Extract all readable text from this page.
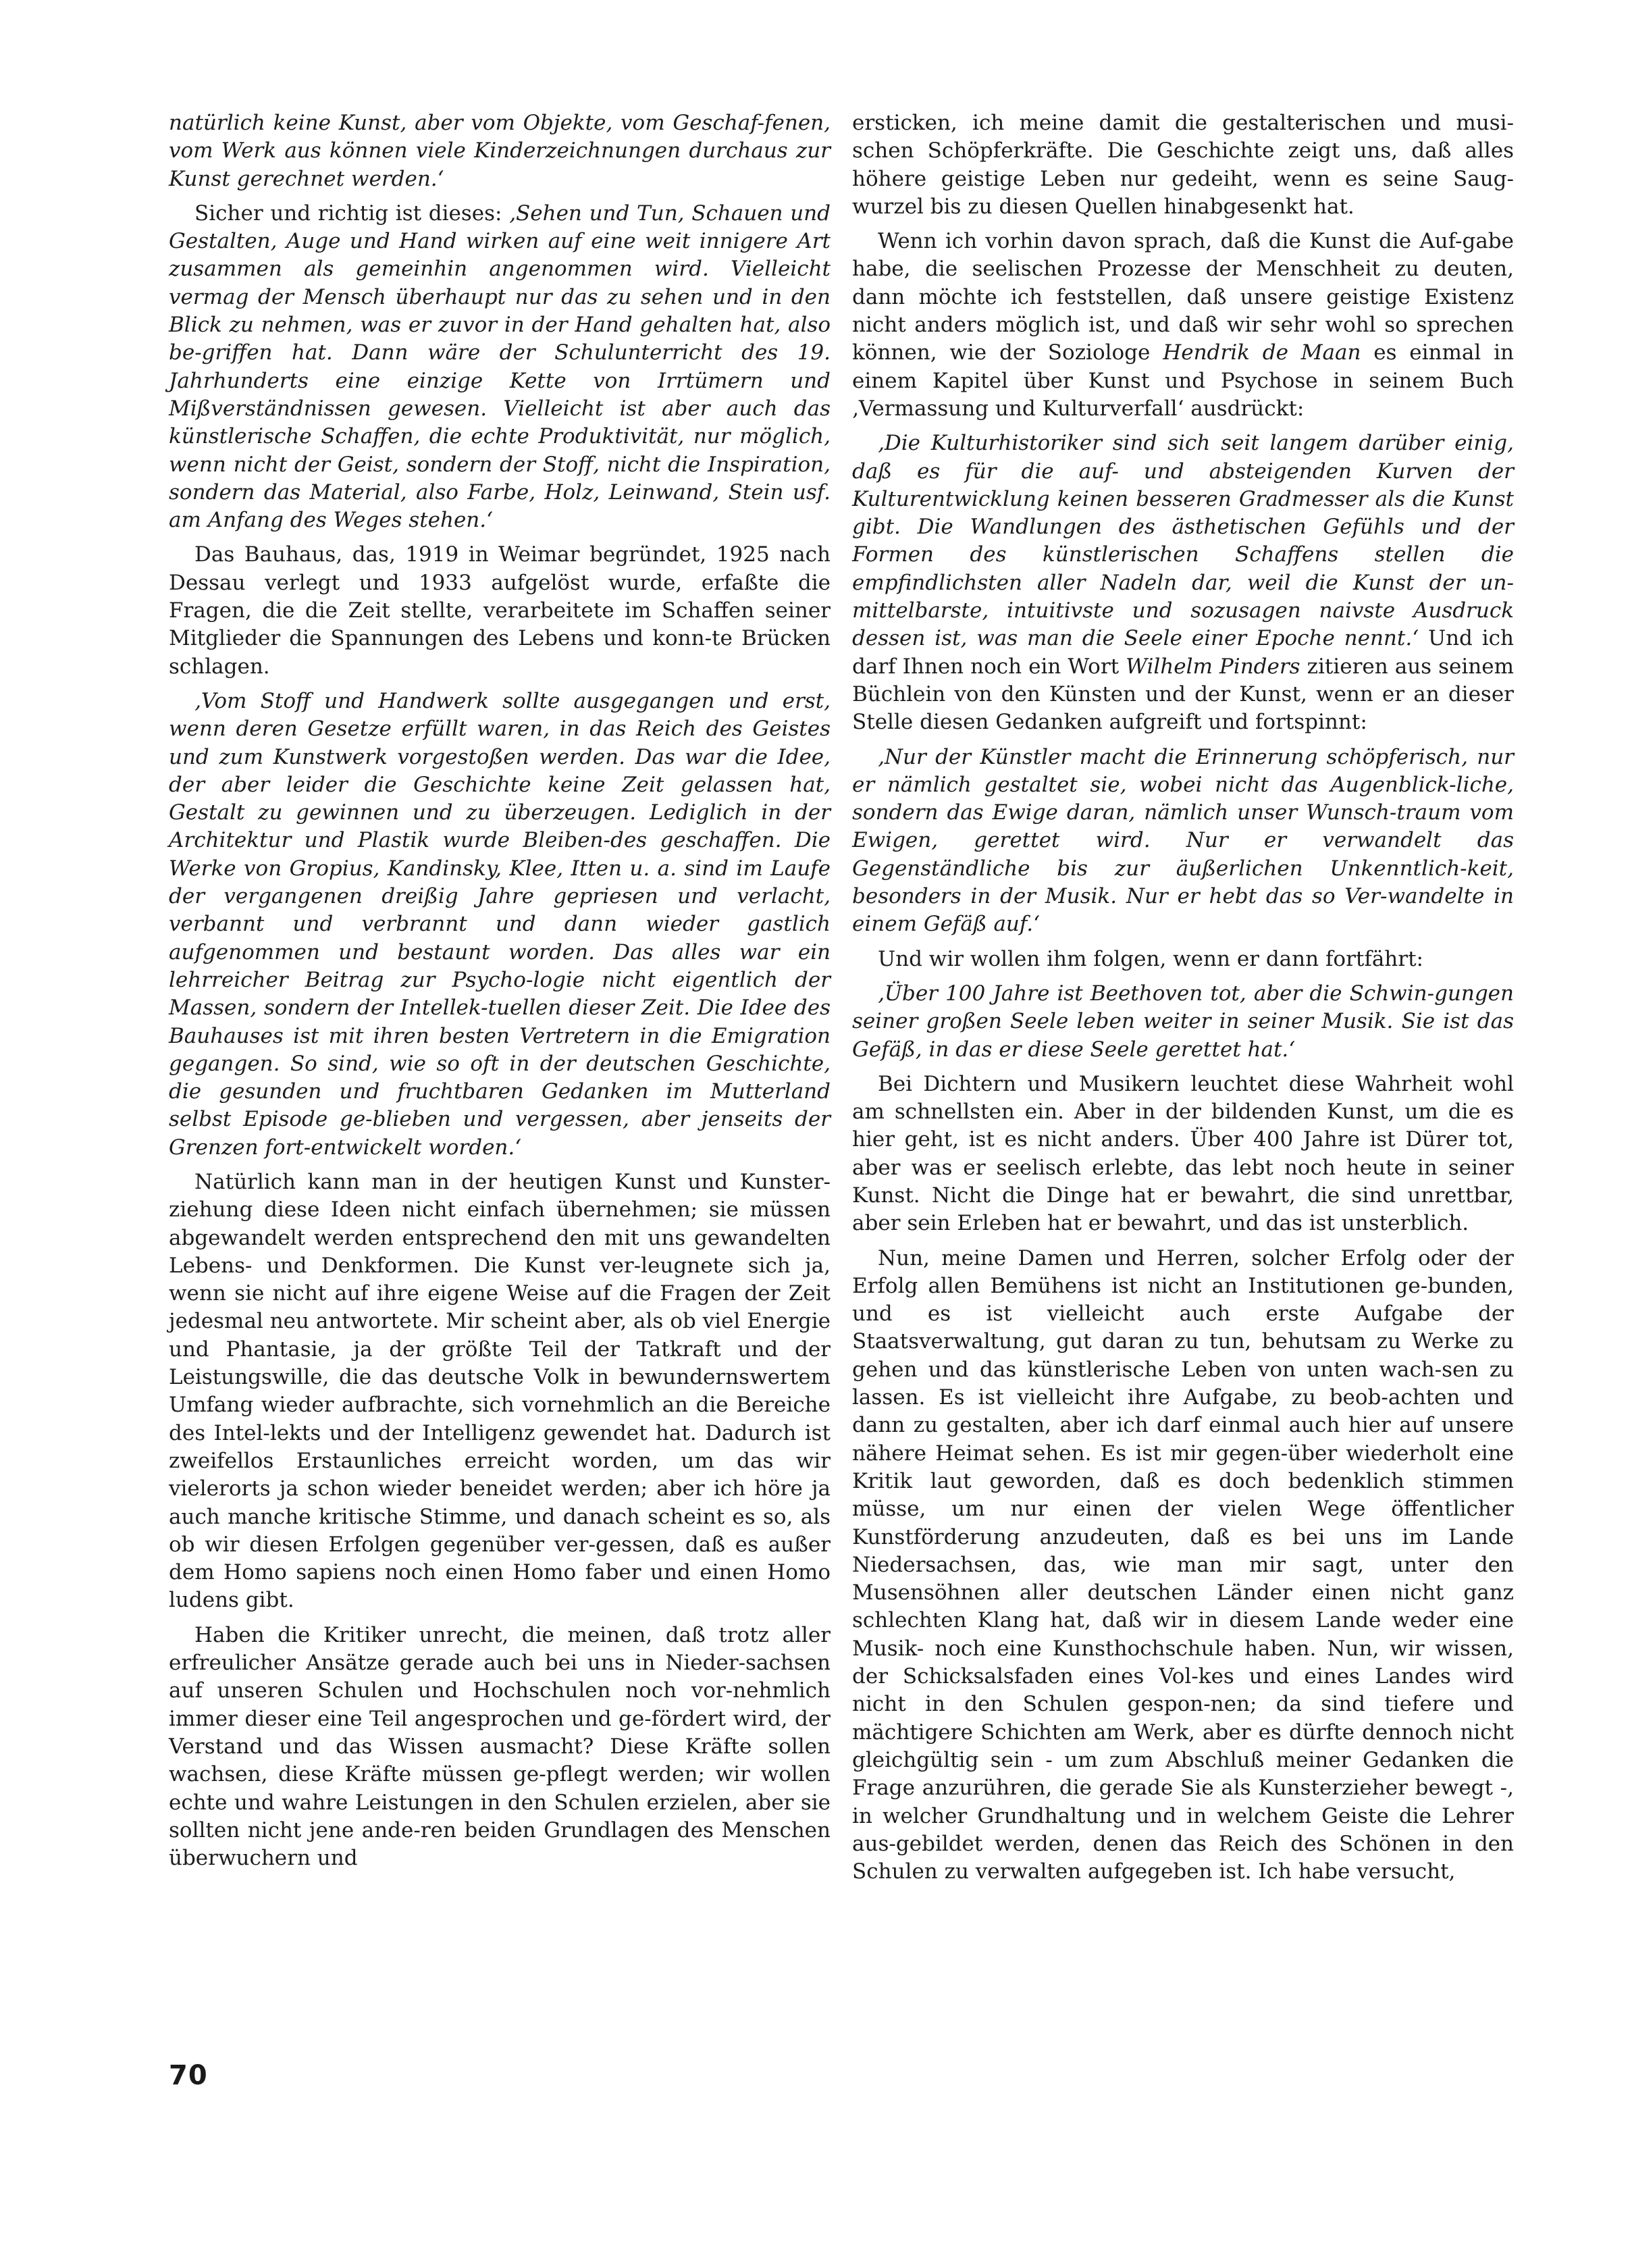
natürlich keine Kunst, aber vom Objekte, vom Geschaf-fenen, vom Werk aus können viele Kinderzeichnungen durchaus zur Kunst gerechnet werden.‘

Sicher und richtig ist dieses: ‚Sehen und Tun, Schauen und Gestalten, Auge und Hand wirken auf eine weit innigere Art zusammen als gemeinhin angenommen wird. Vielleicht vermag der Mensch überhaupt nur das zu sehen und in den Blick zu nehmen, was er zuvor in der Hand gehalten hat, also be-griffen hat. Dann wäre der Schulunterricht des 19. Jahrhunderts eine einzige Kette von Irrtümern und Mißverständnissen gewesen. Vielleicht ist aber auch das künstlerische Schaffen, die echte Produktivität, nur möglich, wenn nicht der Geist, sondern der Stoff, nicht die Inspiration, sondern das Material, also Farbe, Holz, Leinwand, Stein usf. am Anfang des Weges stehen.‘

Das Bauhaus, das, 1919 in Weimar begründet, 1925 nach Dessau verlegt und 1933 aufgelöst wurde, erfaßte die Fragen, die die Zeit stellte, verarbeitete im Schaffen seiner Mitglieder die Spannungen des Lebens und konn-te Brücken schlagen.

‚Vom Stoff und Handwerk sollte ausgegangen und erst, wenn deren Gesetze erfüllt waren, in das Reich des Geistes und zum Kunstwerk vorgestoßen werden. Das war die Idee, der aber leider die Geschichte keine Zeit gelassen hat, Gestalt zu gewinnen und zu überzeugen. Lediglich in der Architektur und Plastik wurde Bleiben-des geschaffen. Die Werke von Gropius, Kandinsky, Klee, Itten u. a. sind im Laufe der vergangenen dreißig Jahre gepriesen und verlacht, verbannt und verbrannt und dann wieder gastlich aufgenommen und bestaunt worden. Das alles war ein lehrreicher Beitrag zur Psycho-logie nicht eigentlich der Massen, sondern der Intellek-tuellen dieser Zeit. Die Idee des Bauhauses ist mit ihren besten Vertretern in die Emigration gegangen. So sind, wie so oft in der deutschen Geschichte, die gesunden und fruchtbaren Gedanken im Mutterland selbst Episode ge-blieben und vergessen, aber jenseits der Grenzen fort-entwickelt worden.‘

Natürlich kann man in der heutigen Kunst und Kunster-ziehung diese Ideen nicht einfach übernehmen; sie müssen abgewandelt werden entsprechend den mit uns gewandelten Lebens- und Denkformen. Die Kunst ver-leugnete sich ja, wenn sie nicht auf ihre eigene Weise auf die Fragen der Zeit jedesmal neu antwortete. Mir scheint aber, als ob viel Energie und Phantasie, ja der größte Teil der Tatkraft und der Leistungswille, die das deutsche Volk in bewundernswertem Umfang wieder aufbrachte, sich vornehmlich an die Bereiche des Intel-lekts und der Intelligenz gewendet hat. Dadurch ist zweifellos Erstaunliches erreicht worden, um das wir vielerorts ja schon wieder beneidet werden; aber ich höre ja auch manche kritische Stimme, und danach scheint es so, als ob wir diesen Erfolgen gegenüber ver-gessen, daß es außer dem Homo sapiens noch einen Homo faber und einen Homo ludens gibt.

Haben die Kritiker unrecht, die meinen, daß trotz aller erfreulicher Ansätze gerade auch bei uns in Nieder-sachsen auf unseren Schulen und Hochschulen noch vor-nehmlich immer dieser eine Teil angesprochen und ge-fördert wird, der Verstand und das Wissen ausmacht? Diese Kräfte sollen wachsen, diese Kräfte müssen ge-pflegt werden; wir wollen echte und wahre Leistungen in den Schulen erzielen, aber sie sollten nicht jene ande-ren beiden Grundlagen des Menschen überwuchern und

ersticken, ich meine damit die gestalterischen und musi-schen Schöpferkräfte. Die Geschichte zeigt uns, daß alles höhere geistige Leben nur gedeiht, wenn es seine Saug-wurzel bis zu diesen Quellen hinabgesenkt hat.

Wenn ich vorhin davon sprach, daß die Kunst die Auf-gabe habe, die seelischen Prozesse der Menschheit zu deuten, dann möchte ich feststellen, daß unsere geistige Existenz nicht anders möglich ist, und daß wir sehr wohl so sprechen können, wie der Soziologe Hendrik de Maan es einmal in einem Kapitel über Kunst und Psychose in seinem Buch ‚Vermassung und Kulturverfall‘ ausdrückt:

‚Die Kulturhistoriker sind sich seit langem darüber einig, daß es für die auf- und absteigenden Kurven der Kulturentwicklung keinen besseren Gradmesser als die Kunst gibt. Die Wandlungen des ästhetischen Gefühls und der Formen des künstlerischen Schaffens stellen die empfindlichsten aller Nadeln dar, weil die Kunst der un-mittelbarste, intuitivste und sozusagen naivste Ausdruck dessen ist, was man die Seele einer Epoche nennt.‘ Und ich darf Ihnen noch ein Wort Wilhelm Pinders zitieren aus seinem Büchlein von den Künsten und der Kunst, wenn er an dieser Stelle diesen Gedanken aufgreift und fortspinnt:

‚Nur der Künstler macht die Erinnerung schöpferisch, nur er nämlich gestaltet sie, wobei nicht das Augenblick-liche, sondern das Ewige daran, nämlich unser Wunsch-traum vom Ewigen, gerettet wird. Nur er verwandelt das Gegenständliche bis zur äußerlichen Unkenntlich-keit, besonders in der Musik. Nur er hebt das so Ver-wandelte in einem Gefäß auf.‘

Und wir wollen ihm folgen, wenn er dann fortfährt:

‚Über 100 Jahre ist Beethoven tot, aber die Schwin-gungen seiner großen Seele leben weiter in seiner Musik. Sie ist das Gefäß, in das er diese Seele gerettet hat.‘

Bei Dichtern und Musikern leuchtet diese Wahrheit wohl am schnellsten ein. Aber in der bildenden Kunst, um die es hier geht, ist es nicht anders. Über 400 Jahre ist Dürer tot, aber was er seelisch erlebte, das lebt noch heute in seiner Kunst. Nicht die Dinge hat er bewahrt, die sind unrettbar, aber sein Erleben hat er bewahrt, und das ist unsterblich.

Nun, meine Damen und Herren, solcher Erfolg oder der Erfolg allen Bemühens ist nicht an Institutionen ge-bunden, und es ist vielleicht auch erste Aufgabe der Staatsverwaltung, gut daran zu tun, behutsam zu Werke zu gehen und das künstlerische Leben von unten wach-sen zu lassen. Es ist vielleicht ihre Aufgabe, zu beob-achten und dann zu gestalten, aber ich darf einmal auch hier auf unsere nähere Heimat sehen. Es ist mir gegen-über wiederholt eine Kritik laut geworden, daß es doch bedenklich stimmen müsse, um nur einen der vielen Wege öffentlicher Kunstförderung anzudeuten, daß es bei uns im Lande Niedersachsen, das, wie man mir sagt, unter den Musensöhnen aller deutschen Länder einen nicht ganz schlechten Klang hat, daß wir in diesem Lande weder eine Musik- noch eine Kunsthochschule haben. Nun, wir wissen, der Schicksalsfaden eines Vol-kes und eines Landes wird nicht in den Schulen gespon-nen; da sind tiefere und mächtigere Schichten am Werk, aber es dürfte dennoch nicht gleichgültig sein - um zum Abschluß meiner Gedanken die Frage anzurühren, die gerade Sie als Kunsterzieher bewegt -, in welcher Grundhaltung und in welchem Geiste die Lehrer aus-gebildet werden, denen das Reich des Schönen in den Schulen zu verwalten aufgegeben ist. Ich habe versucht,

70
